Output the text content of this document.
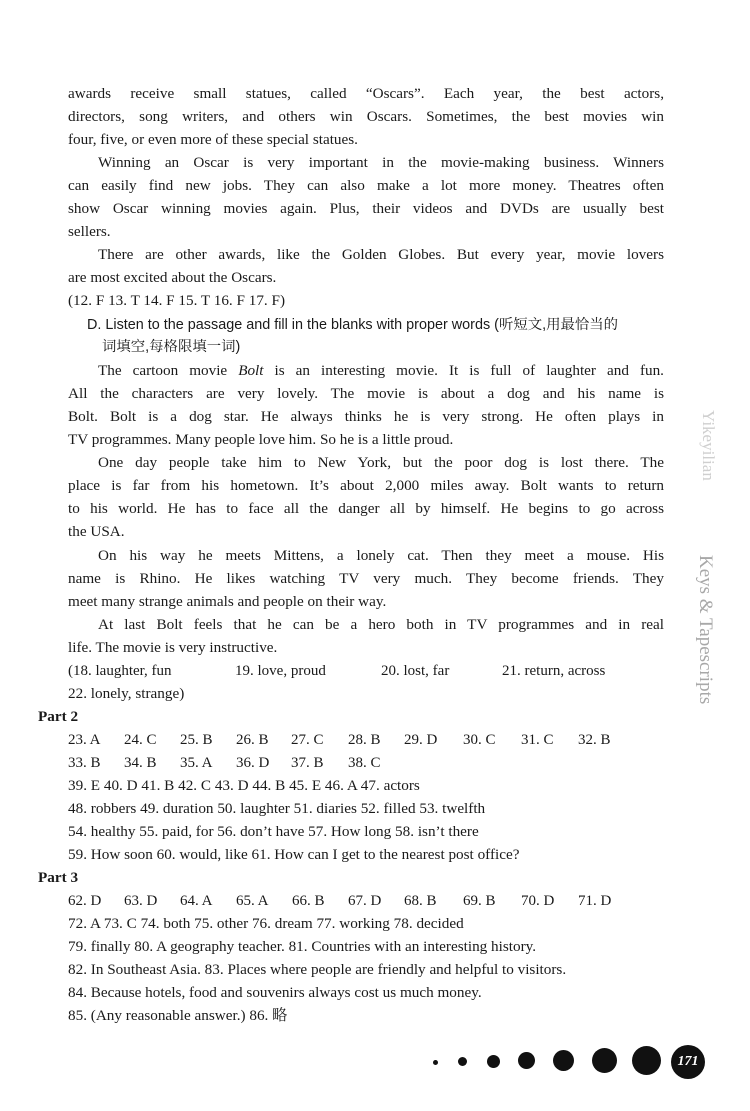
awards receive small statues, called “Oscars”. Each year, the best actors,
directors, song writers, and others win Oscars. Sometimes, the best movies win
four, five, or even more of these special statues.
Winning an Oscar is very important in the movie-making business. Winners
can easily find new jobs. They can also make a lot more money. Theatres often
show Oscar winning movies again. Plus, their videos and DVDs are usually best
sellers.
There are other awards, like the Golden Globes. But every year, movie lovers
are most excited about the Oscars.
(12. F 13. T 14. F 15. T 16. F 17. F)
D. Listen to the passage and fill in the blanks with proper words (听短文,用最恰当的
词填空,每格限填一词)
The cartoon movie Bolt is an interesting movie. It is full of laughter and fun.
All the characters are very lovely. The movie is about a dog and his name is
Bolt. Bolt is a dog star. He always thinks he is very strong. He often plays in
TV programmes. Many people love him. So he is a little proud.
One day people take him to New York, but the poor dog is lost there. The
place is far from his hometown. It’s about 2,000 miles away. Bolt wants to return
to his world. He has to face all the danger all by himself. He begins to go across
the USA.
On his way he meets Mittens, a lonely cat. Then they meet a mouse. His
name is Rhino. He likes watching TV very much. They become friends. They
meet many strange animals and people on their way.
At last Bolt feels that he can be a hero both in TV programmes and in real
life. The movie is very instructive.
(18. laughter, fun	19. love, proud	20. lost, far	21. return, across
22. lonely, strange)
Part 2
23. A 24. C 25. B 26. B 27. C 28. B 29. D 30. C 31. C 32. B
33. B 34. B 35. A 36. D 37. B 38. C
39. E 40. D 41. B 42. C 43. D 44. B 45. E 46. A 47. actors
48. robbers 49. duration 50. laughter 51. diaries 52. filled 53. twelfth
54. healthy 55. paid, for 56. don’t have 57. How long 58. isn’t there
59. How soon 60. would, like 61. How can I get to the nearest post office?
Part 3
62. D 63. D 64. A 65. A 66. B 67. D 68. B 69. B 70. D 71. D
72. A 73. C 74. both 75. other 76. dream 77. working 78. decided
79. finally 80. A geography teacher. 81. Countries with an interesting history.
82. In Southeast Asia. 83. Places where people are friendly and helpful to visitors.
84. Because hotels, food and souvenirs always cost us much money.
85. (Any reasonable answer.) 86. 略
Yikeyilian
Keys & Tapescripts
171
